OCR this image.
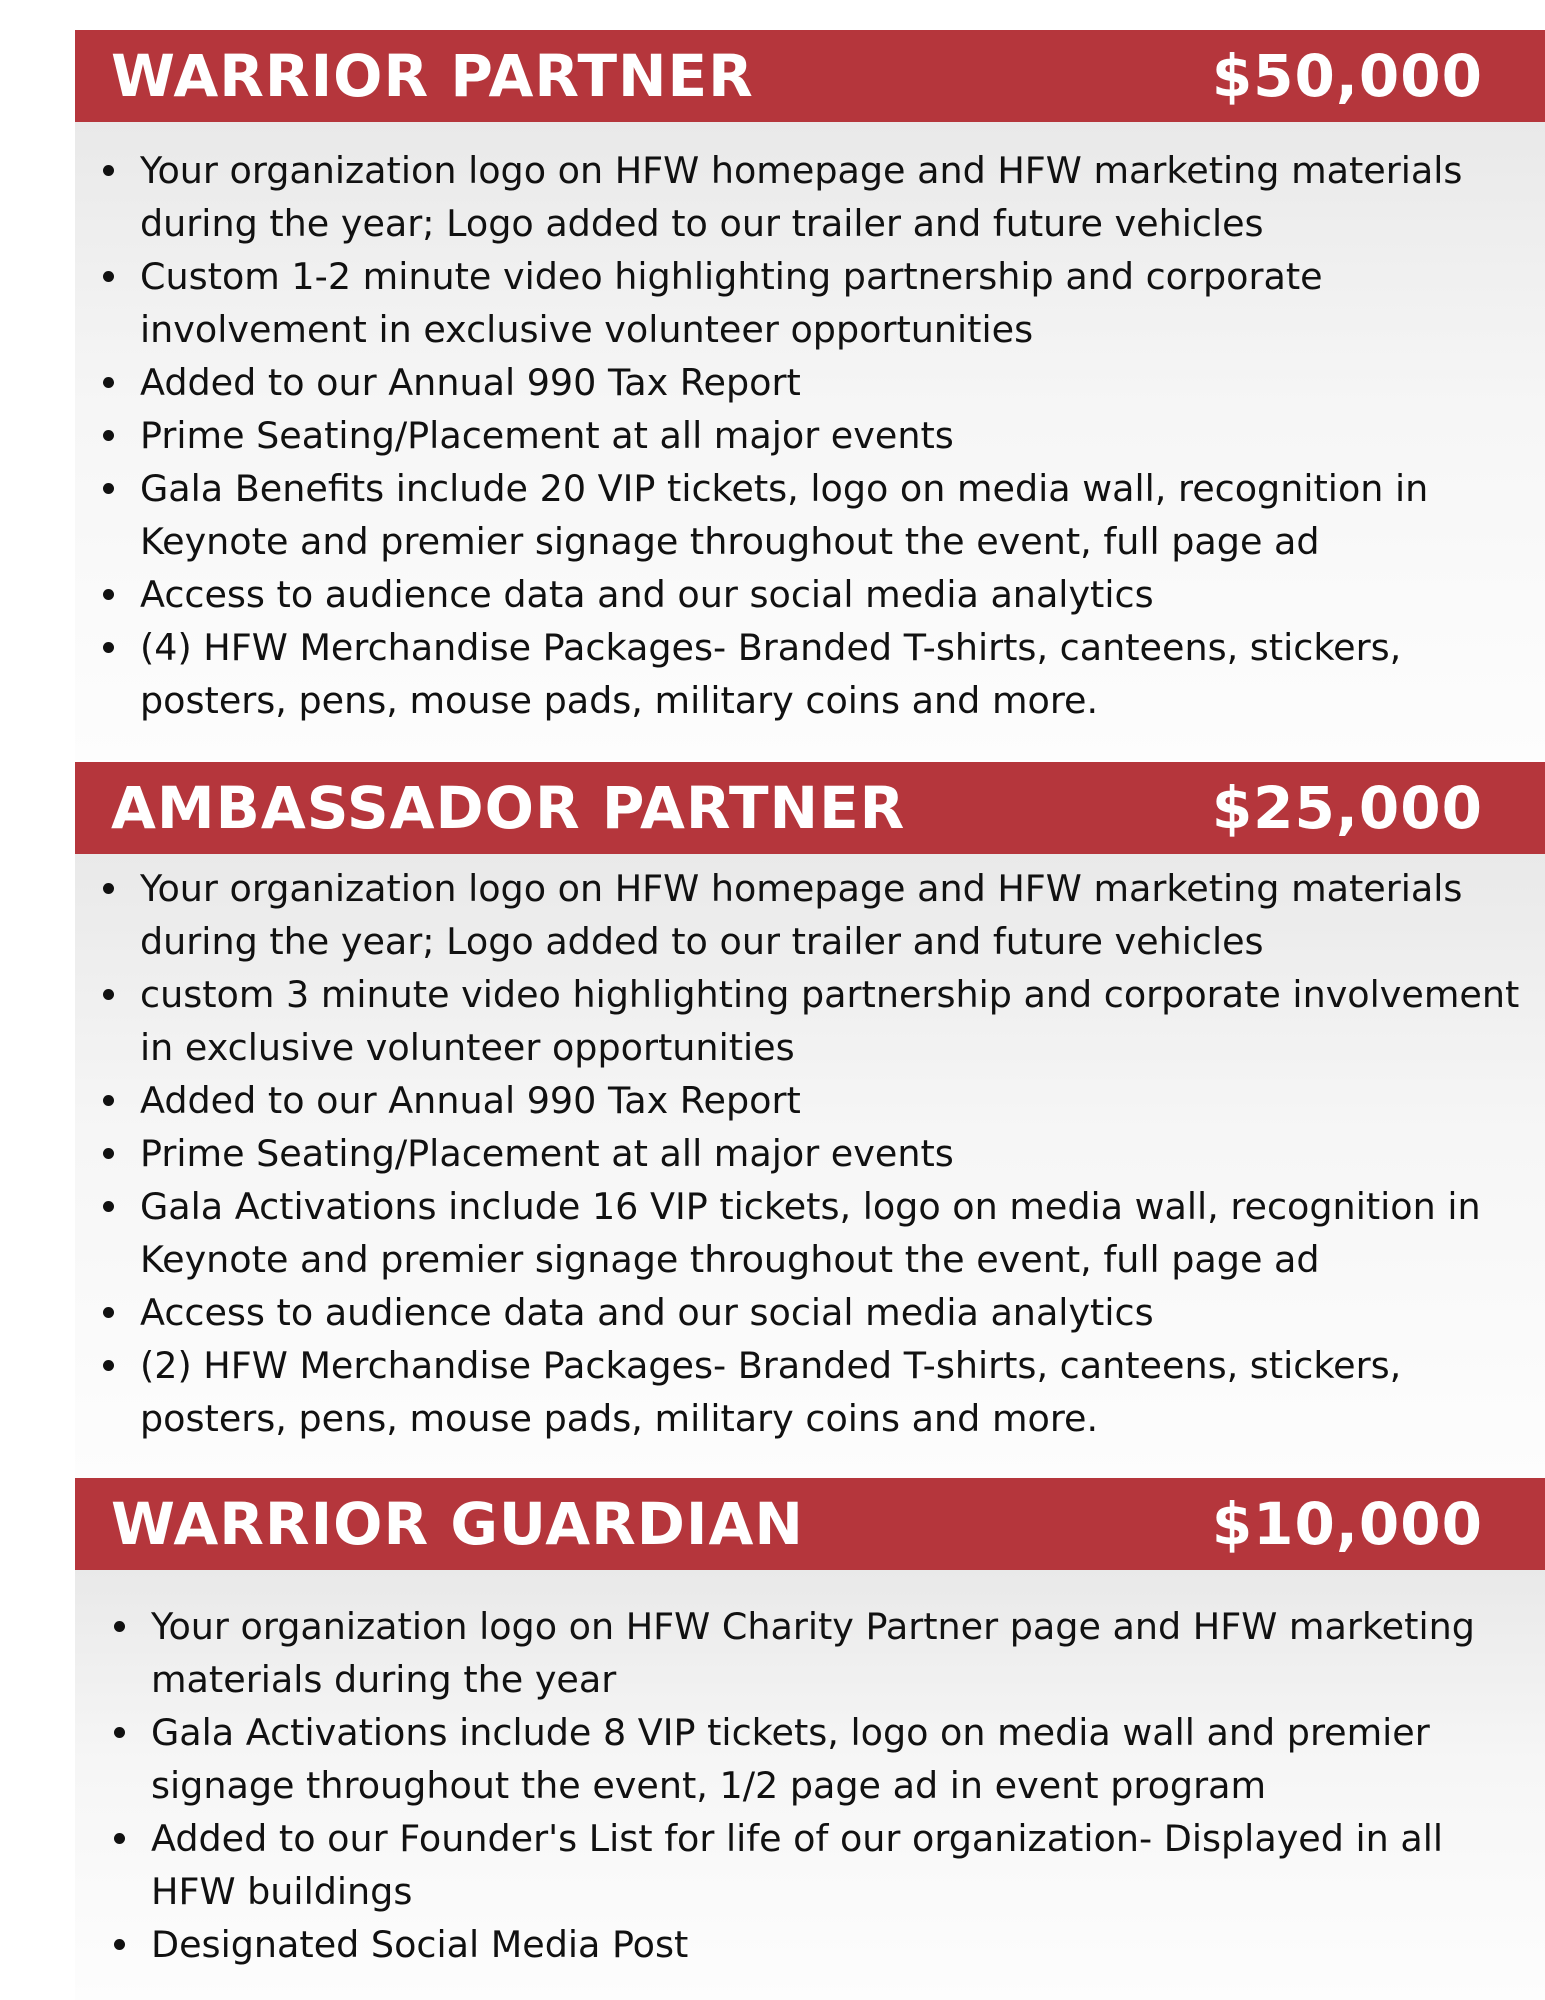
WARRIOR PARTNER	$50,000
Your organization logo on HFW homepage and HFW marketing materials during the year; Logo added to our trailer and future vehicles
Custom 1-2 minute video highlighting partnership and corporate involvement in exclusive volunteer opportunities
Added to our Annual 990 Tax Report
Prime Seating/Placement at all major events
Gala Benefits include 20 VIP tickets, logo on media wall, recognition in Keynote and premier signage throughout the event, full page ad
Access to audience data and our social media analytics
(4) HFW Merchandise Packages- Branded T-shirts, canteens, stickers, posters, pens, mouse pads, military coins and more.
AMBASSADOR PARTNER	$25,000
Your organization logo on HFW homepage and HFW marketing materials during the year; Logo added to our trailer and future vehicles
custom 3 minute video highlighting partnership and corporate involvement in exclusive volunteer opportunities
Added to our Annual 990 Tax Report
Prime Seating/Placement at all major events
Gala Activations include 16 VIP tickets, logo on media wall, recognition in Keynote and premier signage throughout the event, full page ad
Access to audience data and our social media analytics
(2) HFW Merchandise Packages- Branded T-shirts, canteens, stickers, posters, pens, mouse pads, military coins and more.
WARRIOR GUARDIAN	$10,000
Your organization logo on HFW Charity Partner page and HFW marketing materials during the year
Gala Activations include 8 VIP tickets, logo on media wall and premier signage throughout the event, 1/2 page ad in event program
Added to our Founder's List for life of our organization- Displayed in all HFW buildings
Designated Social Media Post
